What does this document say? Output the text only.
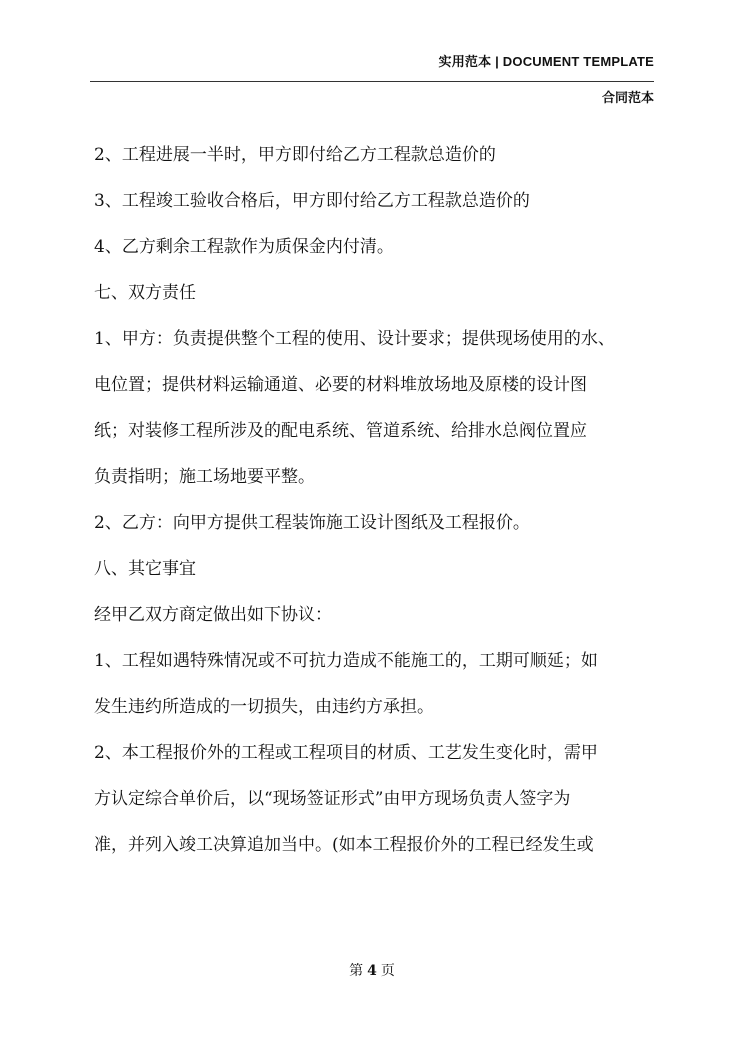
实用范本 | DOCUMENT TEMPLATE
合同范本

2、工程进展一半时，甲方即付给乙方工程款总造价的

3、工程竣工验收合格后，甲方即付给乙方工程款总造价的

4、乙方剩余工程款作为质保金内付清。

七、双方责任

1、甲方：负责提供整个工程的使用、设计要求；提供现场使用的水、

电位置；提供材料运输通道、必要的材料堆放场地及原楼的设计图

纸；对装修工程所涉及的配电系统、管道系统、给排水总阀位置应

负责指明；施工场地要平整。

2、乙方：向甲方提供工程装饰施工设计图纸及工程报价。

八、其它事宜

经甲乙双方商定做出如下协议：

1、工程如遇特殊情况或不可抗力造成不能施工的，工期可顺延；如

发生违约所造成的一切损失，由违约方承担。

2、本工程报价外的工程或工程项目的材质、工艺发生变化时，需甲

方认定综合单价后，以“现场签证形式”由甲方现场负责人签字为

准，并列入竣工决算追加当中。(如本工程报价外的工程已经发生或

第 4 页
